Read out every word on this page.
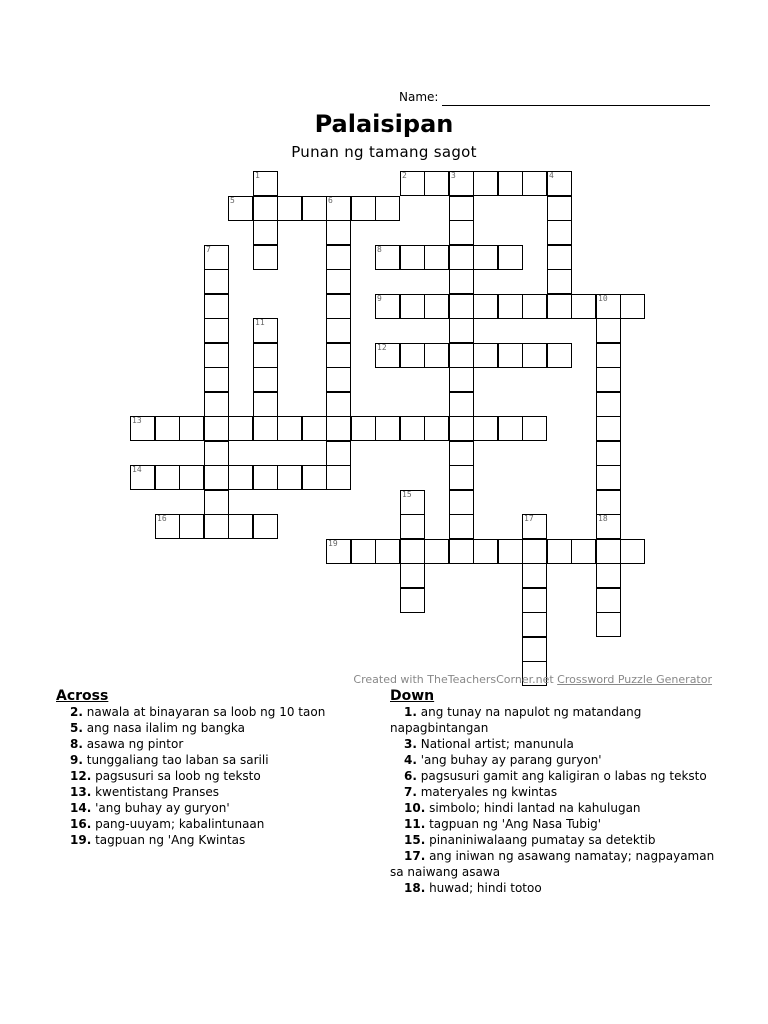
Name:
Palaisipan
Punan ng tamang sagot
2	3	4
5	6
8
9	10
12
13
14
16
19
1
7
11
15
17	18
Created with TheTeachersCorner.net Crossword Puzzle Generator
Across
2. nawala at binayaran sa loob ng 10 taon
5. ang nasa ilalim ng bangka
8. asawa ng pintor
9. tunggaliang tao laban sa sarili
12. pagsusuri sa loob ng teksto
13. kwentistang Pranses
14. 'ang buhay ay guryon'
16. pang-uuyam; kabalintunaan
19. tagpuan ng 'Ang Kwintas
Down
1. ang tunay na napulot ng matandang napagbintangan
3. National artist; manunula
4. 'ang buhay ay parang guryon'
6. pagsusuri gamit ang kaligiran o labas ng teksto
7. materyales ng kwintas
10. simbolo; hindi lantad na kahulugan
11. tagpuan ng 'Ang Nasa Tubig'
15. pinaniniwalaang pumatay sa detektib
17. ang iniwan ng asawang namatay; nagpayaman sa naiwang asawa
18. huwad; hindi totoo
